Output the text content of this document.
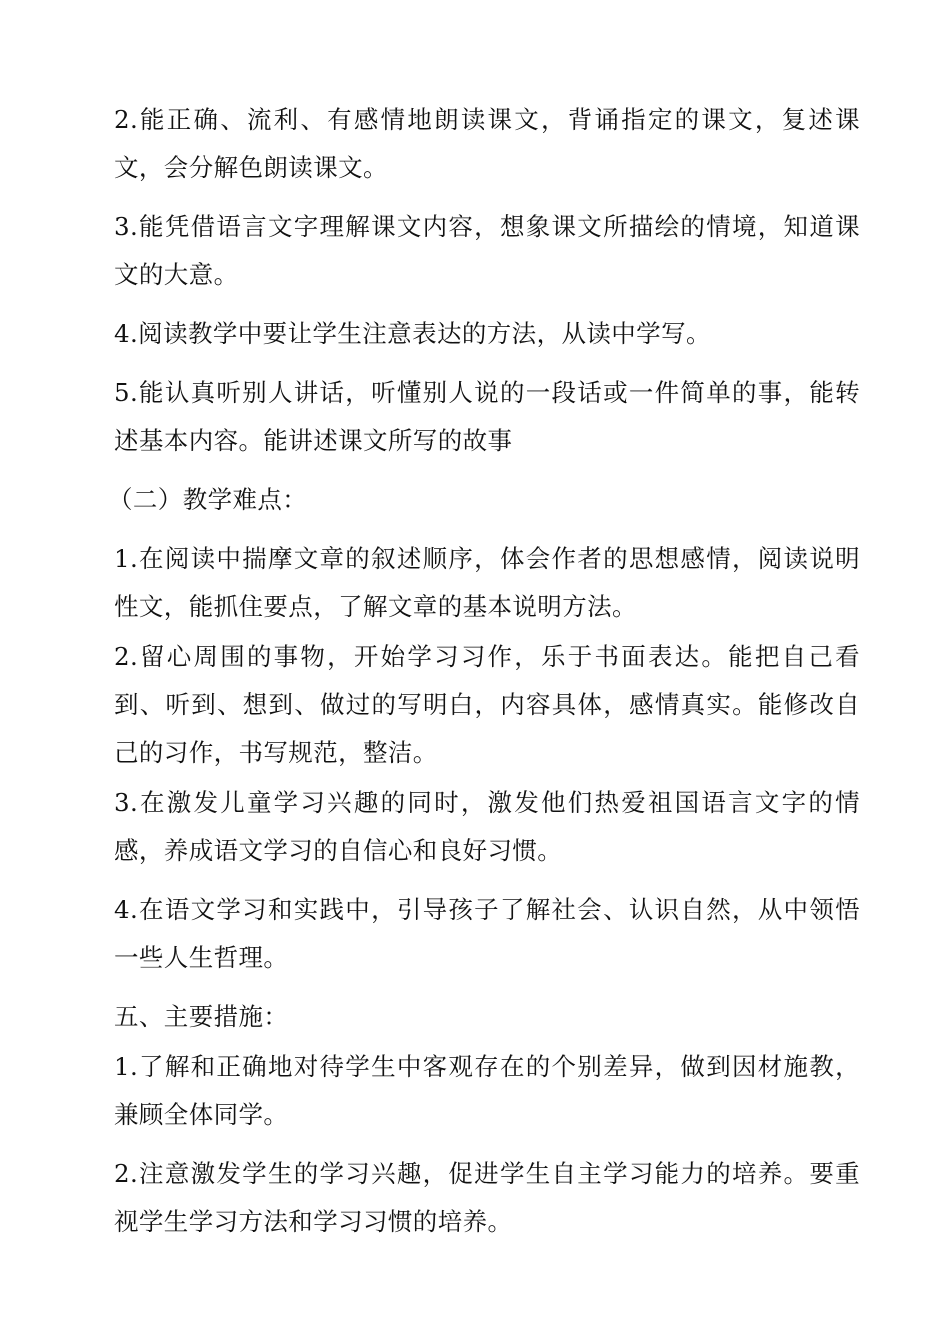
2.能正确、流利、有感情地朗读课文，背诵指定的课文，复述课文，会分解色朗读课文。

3.能凭借语言文字理解课文内容，想象课文所描绘的情境，知道课文的大意。

4.阅读教学中要让学生注意表达的方法，从读中学写。

5.能认真听别人讲话，听懂别人说的一段话或一件简单的事，能转述基本内容。能讲述课文所写的故事

（二）教学难点：

1.在阅读中揣摩文章的叙述顺序，体会作者的思想感情，阅读说明性文，能抓住要点，了解文章的基本说明方法。

2.留心周围的事物，开始学习习作，乐于书面表达。能把自己看到、听到、想到、做过的写明白，内容具体，感情真实。能修改自己的习作，书写规范，整洁。

3.在激发儿童学习兴趣的同时，激发他们热爱祖国语言文字的情感，养成语文学习的自信心和良好习惯。

4.在语文学习和实践中，引导孩子了解社会、认识自然，从中领悟一些人生哲理。

五、主要措施：

1.了解和正确地对待学生中客观存在的个别差异，做到因材施教，兼顾全体同学。

2.注意激发学生的学习兴趣，促进学生自主学习能力的培养。要重视学生学习方法和学习习惯的培养。
